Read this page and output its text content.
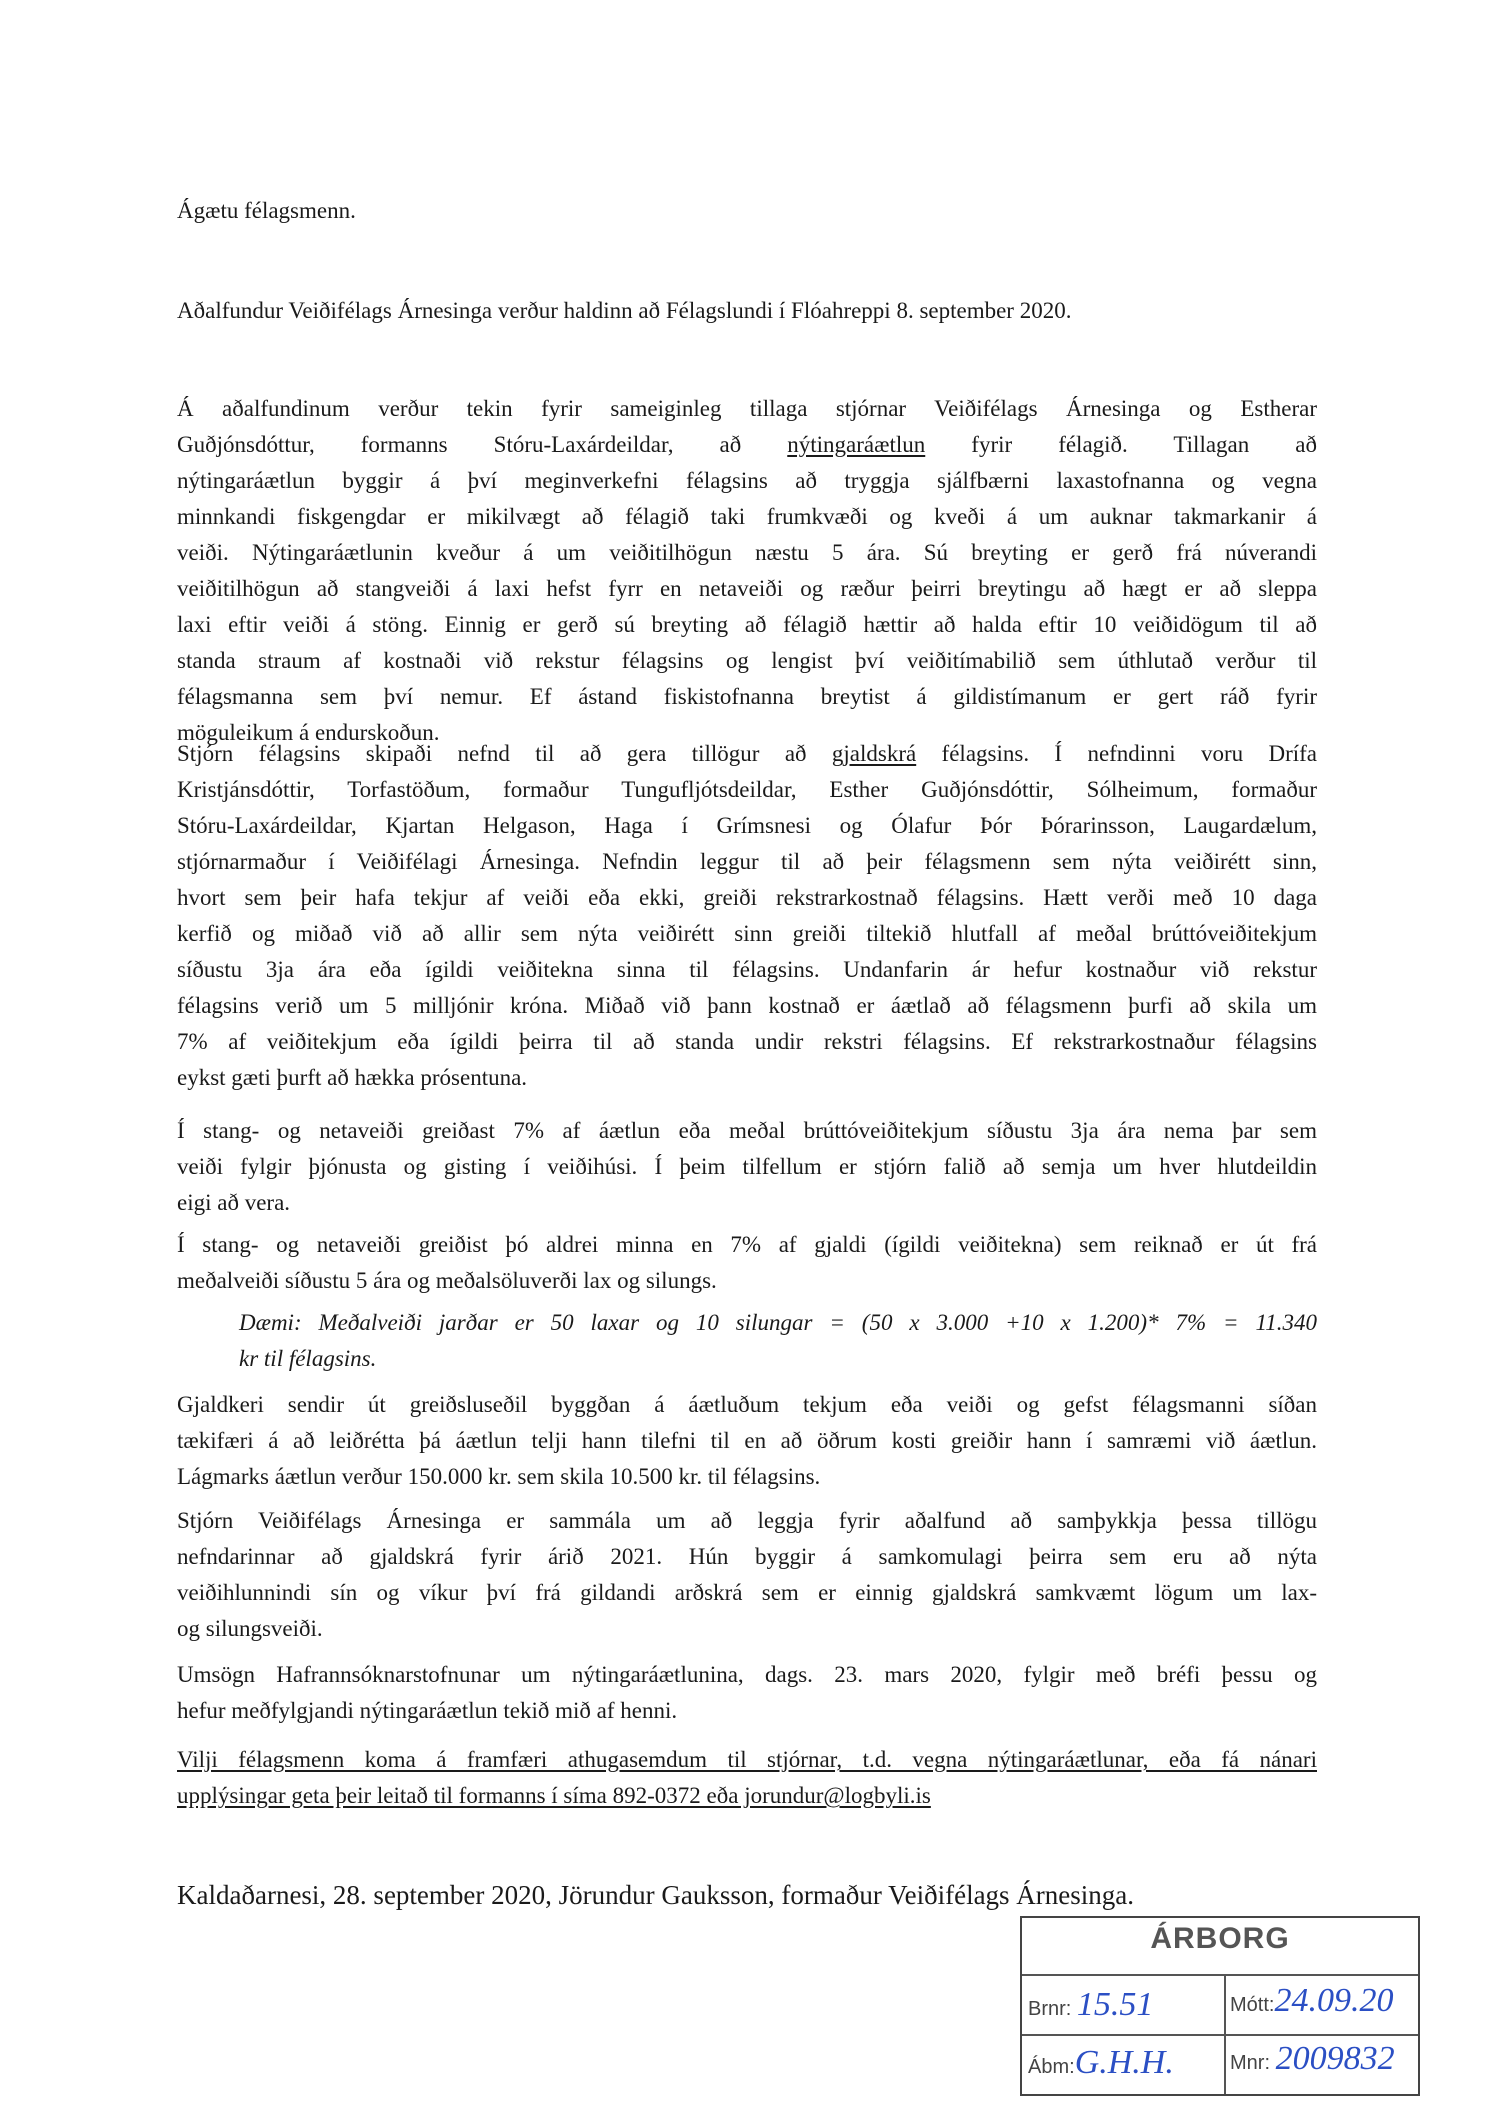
Ágætu félagsmenn.
Aðalfundur Veiðifélags Árnesinga verður haldinn að Félagslundi í Flóahreppi 8. september 2020.
Á aðalfundinum verður tekin fyrir sameiginleg tillaga stjórnar Veiðifélags Árnesinga og Estherar
Guðjónsdóttur, formanns Stóru-Laxárdeildar, að nýtingaráætlun fyrir félagið. Tillagan að
nýtingaráætlun byggir á því meginverkefni félagsins að tryggja sjálfbærni laxastofnanna og vegna
minnkandi fiskgengdar er mikilvægt að félagið taki frumkvæði og kveði á um auknar takmarkanir á
veiði. Nýtingaráætlunin kveður á um veiðitilhögun næstu 5 ára. Sú breyting er gerð frá núverandi
veiðitilhögun að stangveiði á laxi hefst fyrr en netaveiði og ræður þeirri breytingu að hægt er að sleppa
laxi eftir veiði á stöng. Einnig er gerð sú breyting að félagið hættir að halda eftir 10 veiðidögum til að
standa straum af kostnaði við rekstur félagsins og lengist því veiðitímabilið sem úthlutað verður til
félagsmanna sem því nemur. Ef ástand fiskistofnanna breytist á gildistímanum er gert ráð fyrir
möguleikum á endurskoðun.
Stjórn félagsins skipaði nefnd til að gera tillögur að gjaldskrá félagsins. Í nefndinni voru Drífa
Kristjánsdóttir, Torfastöðum, formaður Tungufljótsdeildar, Esther Guðjónsdóttir, Sólheimum, formaður
Stóru-Laxárdeildar, Kjartan Helgason, Haga í Grímsnesi og Ólafur Þór Þórarinsson, Laugardælum,
stjórnarmaður í Veiðifélagi Árnesinga. Nefndin leggur til að þeir félagsmenn sem nýta veiðirétt sinn,
hvort sem þeir hafa tekjur af veiði eða ekki, greiði rekstrarkostnað félagsins. Hætt verði með 10 daga
kerfið og miðað við að allir sem nýta veiðirétt sinn greiði tiltekið hlutfall af meðal brúttóveiðitekjum
síðustu 3ja ára eða ígildi veiðitekna sinna til félagsins. Undanfarin ár hefur kostnaður við rekstur
félagsins verið um 5 milljónir króna. Miðað við þann kostnað er áætlað að félagsmenn þurfi að skila um
7% af veiðitekjum eða ígildi þeirra til að standa undir rekstri félagsins. Ef rekstrarkostnaður félagsins
eykst gæti þurft að hækka prósentuna.
Í stang- og netaveiði greiðast 7% af áætlun eða meðal brúttóveiðitekjum síðustu 3ja ára nema þar sem
veiði fylgir þjónusta og gisting í veiðihúsi. Í þeim tilfellum er stjórn falið að semja um hver hlutdeildin
eigi að vera.
Í stang- og netaveiði greiðist þó aldrei minna en 7% af gjaldi (ígildi veiðitekna) sem reiknað er út frá
meðalveiði síðustu 5 ára og meðalsöluverði lax og silungs.
Dæmi: Meðalveiði jarðar er 50 laxar og 10 silungar = (50 x 3.000 +10 x 1.200)* 7% = 11.340
kr til félagsins.
Gjaldkeri sendir út greiðsluseðil byggðan á áætluðum tekjum eða veiði og gefst félagsmanni síðan
tækifæri á að leiðrétta þá áætlun telji hann tilefni til en að öðrum kosti greiðir hann í samræmi við áætlun.
Lágmarks áætlun verður 150.000 kr. sem skila 10.500 kr. til félagsins.
Stjórn Veiðifélags Árnesinga er sammála um að leggja fyrir aðalfund að samþykkja þessa tillögu
nefndarinnar að gjaldskrá fyrir árið 2021. Hún byggir á samkomulagi þeirra sem eru að nýta
veiðihlunnindi sín og víkur því frá gildandi arðskrá sem er einnig gjaldskrá samkvæmt lögum um lax-
og silungsveiði.
Umsögn Hafrannsóknarstofnunar um nýtingaráætlunina, dags. 23. mars 2020, fylgir með bréfi þessu og
hefur meðfylgjandi nýtingaráætlun tekið mið af henni.
Vilji félagsmenn koma á framfæri athugasemdum til stjórnar, t.d. vegna nýtingaráætlunar, eða fá nánari
upplýsingar geta þeir leitað til formanns í síma 892-0372 eða jorundur@logbyli.is
Kaldaðarnesi, 28. september 2020, Jörundur Gauksson, formaður Veiðifélags Árnesinga.
ÁRBORG
Brnr: 15.51	Mótt:24.09.20
Ábm:G.H.H.	Mnr: 2009832
